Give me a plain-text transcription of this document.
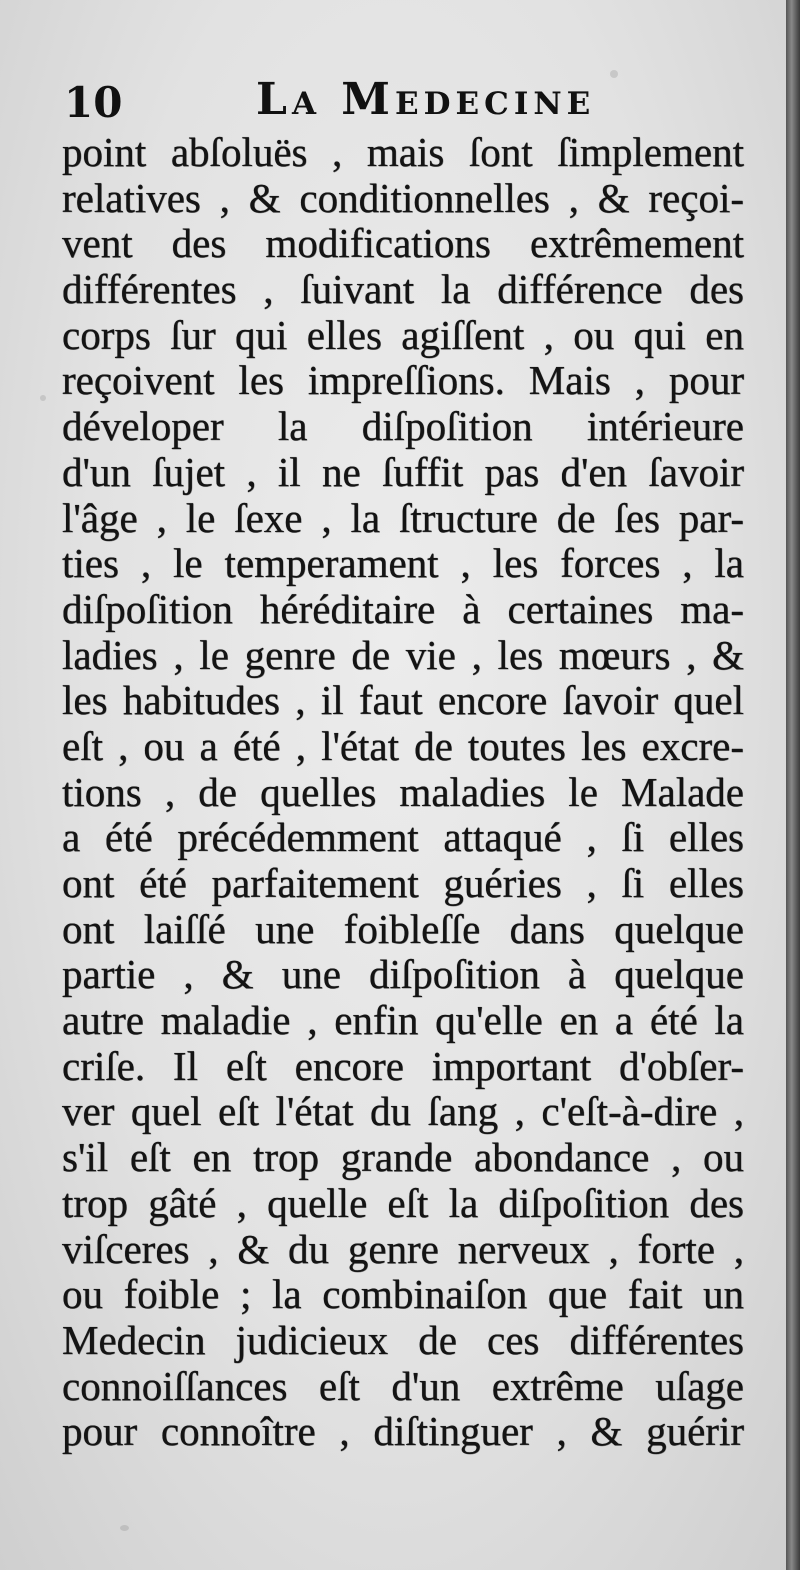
10	La Medecine
point abſoluës , mais ſont ſimplement
relatives , & conditionnelles , & reçoi-
vent des modifications extrêmement
différentes , ſuivant la différence des
corps ſur qui elles agiſſent , ou qui en
reçoivent les impreſſions. Mais , pour
déveloper la diſpoſition intérieure
d'un ſujet , il ne ſuffit pas d'en ſavoir
l'âge , le ſexe , la ſtructure de ſes par-
ties , le temperament , les forces , la
diſpoſition héréditaire à certaines ma-
ladies , le genre de vie , les mœurs , &
les habitudes , il faut encore ſavoir quel
eſt , ou a été , l'état de toutes les excre-
tions , de quelles maladies le Malade
a été précédemment attaqué , ſi elles
ont été parfaitement guéries , ſi elles
ont laiſſé une foibleſſe dans quelque
partie , & une diſpoſition à quelque
autre maladie , enfin qu'elle en a été la
criſe. Il eſt encore important d'obſer-
ver quel eſt l'état du ſang , c'eſt-à-dire ,
s'il eſt en trop grande abondance , ou
trop gâté , quelle eſt la diſpoſition des
viſceres , & du genre nerveux , forte ,
ou foible ; la combinaiſon que fait un
Medecin judicieux de ces différentes
connoiſſances eſt d'un extrême uſage
pour connoître , diſtinguer , & guérir
